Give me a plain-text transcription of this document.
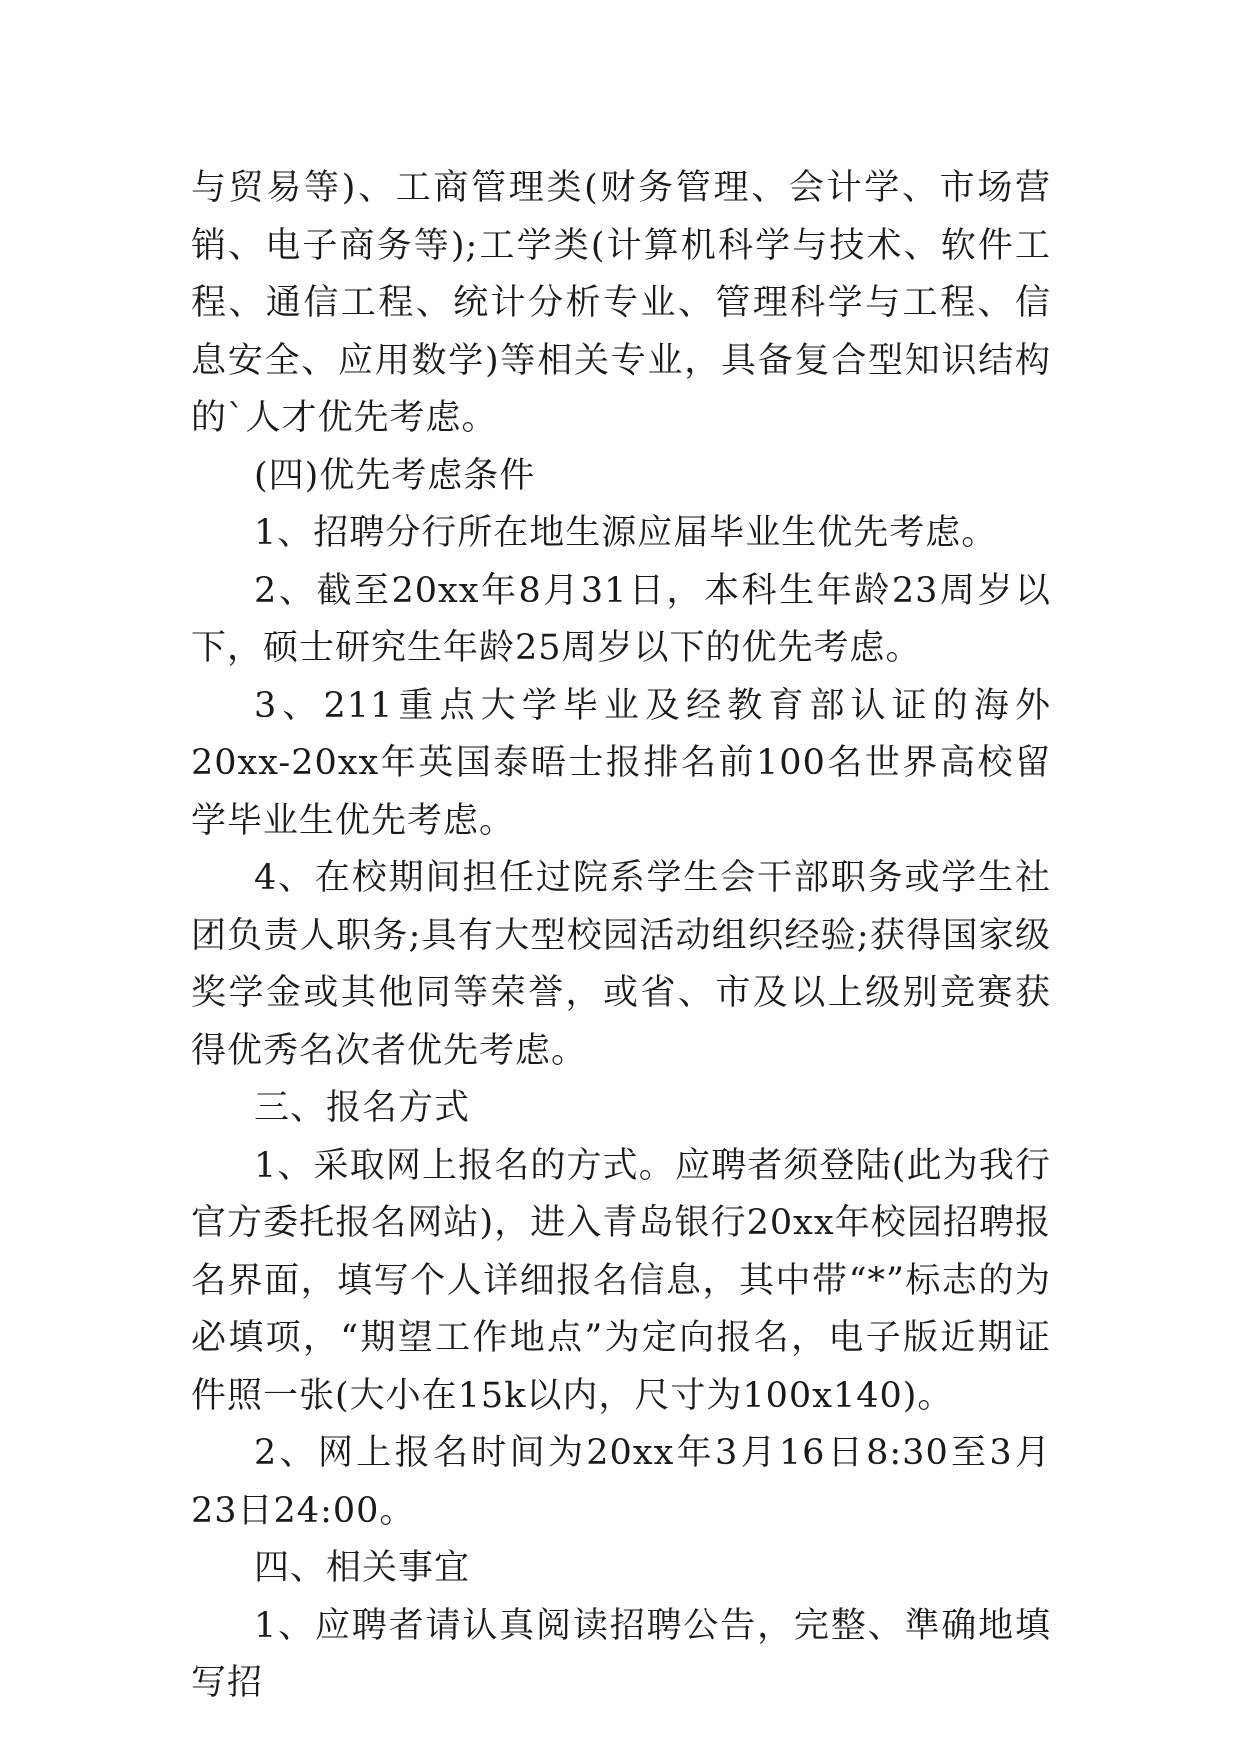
与贸易等)、工商管理类(财务管理、会计学、市场营销、电子商务等);工学类(计算机科学与技术、软件工程、通信工程、统计分析专业、管理科学与工程、信息安全、应用数学)等相关专业，具备复合型知识结构的`人才优先考虑。

(四)优先考虑条件

1、招聘分行所在地生源应届毕业生优先考虑。

2、截至20xx年8月31日，本科生年龄23周岁以下，硕士研究生年龄25周岁以下的优先考虑。

3、211重点大学毕业及经教育部认证的海外20xx-20xx年英国泰晤士报排名前100名世界高校留学毕业生优先考虑。

4、在校期间担任过院系学生会干部职务或学生社团负责人职务;具有大型校园活动组织经验;获得国家级奖学金或其他同等荣誉，或省、市及以上级别竞赛获得优秀名次者优先考虑。

三、报名方式

1、采取网上报名的方式。应聘者须登陆(此为我行官方委托报名网站)，进入青岛银行20xx年校园招聘报名界面，填写个人详细报名信息，其中带“*”标志的为必填项，“期望工作地点”为定向报名，电子版近期证件照一张(大小在15k以内，尺寸为100x140)。

2、网上报名时间为20xx年3月16日8:30至3月23日24:00。

四、相关事宜

1、应聘者请认真阅读招聘公告，完整、準确地填写招
